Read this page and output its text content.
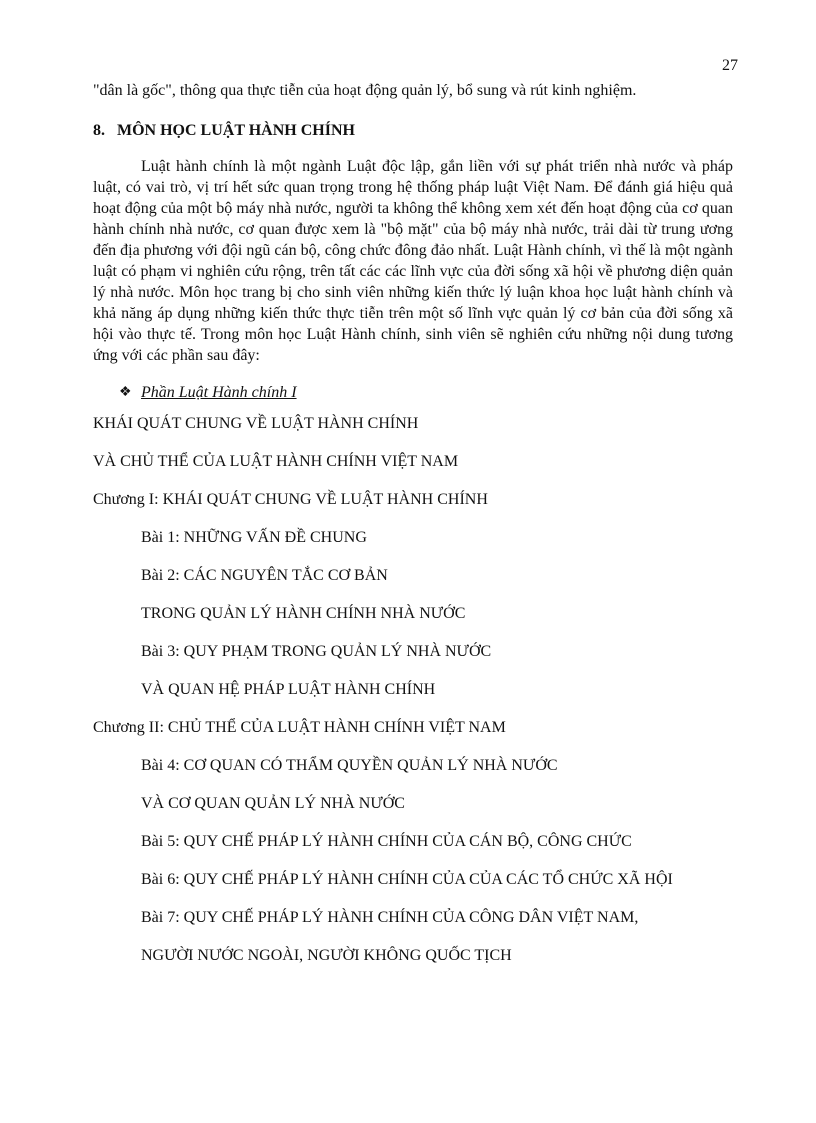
27

"dân là gốc", thông qua thực tiễn của hoạt động quản lý, bổ sung và rút kinh nghiệm.

8. MÔN HỌC LUẬT HÀNH CHÍNH

Luật hành chính là một ngành Luật độc lập, gắn liền với sự phát triển nhà nước và pháp luật, có vai trò, vị trí hết sức quan trọng trong hệ thống pháp luật Việt Nam. Để đánh giá hiệu quả hoạt động của một bộ máy nhà nước, người ta không thể không xem xét đến hoạt động của cơ quan hành chính nhà nước, cơ quan được xem là "bộ mặt" của bộ máy nhà nước, trải dài từ trung ương đến địa phương với đội ngũ cán bộ, công chức đông đảo nhất. Luật Hành chính, vì thế là một ngành luật có phạm vi nghiên cứu rộng, trên tất các các lĩnh vực của đời sống xã hội về phương diện quản lý nhà nước. Môn học trang bị cho sinh viên những kiến thức lý luận khoa học luật hành chính và khả năng áp dụng những kiến thức thực tiễn trên một số lĩnh vực quản lý cơ bản của đời sống xã hội vào thực tế. Trong môn học Luật Hành chính, sinh viên sẽ nghiên cứu những nội dung tương ứng với các phần sau đây:

❖ Phần Luật Hành chính I
KHÁI QUÁT CHUNG VỀ LUẬT HÀNH CHÍNH
VÀ CHỦ THỂ CỦA LUẬT HÀNH CHÍNH VIỆT NAM
Chương I: KHÁI QUÁT CHUNG VỀ LUẬT HÀNH CHÍNH
Bài 1: NHỮNG VẤN ĐỀ CHUNG
Bài 2: CÁC NGUYÊN TẮC CƠ BẢN
TRONG QUẢN LÝ HÀNH CHÍNH NHÀ NƯỚC
Bài 3: QUY PHẠM TRONG QUẢN LÝ NHÀ NƯỚC
VÀ QUAN HỆ PHÁP LUẬT HÀNH CHÍNH
Chương II: CHỦ THỂ CỦA LUẬT HÀNH CHÍNH VIỆT NAM
Bài 4: CƠ QUAN CÓ THẨM QUYỀN QUẢN LÝ NHÀ NƯỚC
VÀ CƠ QUAN QUẢN LÝ NHÀ NƯỚC
Bài 5: QUY CHẾ PHÁP LÝ HÀNH CHÍNH CỦA CÁN BỘ, CÔNG CHỨC
Bài 6: QUY CHẾ PHÁP LÝ HÀNH CHÍNH CỦA CỦA CÁC TỔ CHỨC XÃ HỘI
Bài 7: QUY CHẾ PHÁP LÝ HÀNH CHÍNH CỦA CÔNG DÂN VIỆT NAM,
NGƯỜI NƯỚC NGOÀI, NGƯỜI KHÔNG QUỐC TỊCH
